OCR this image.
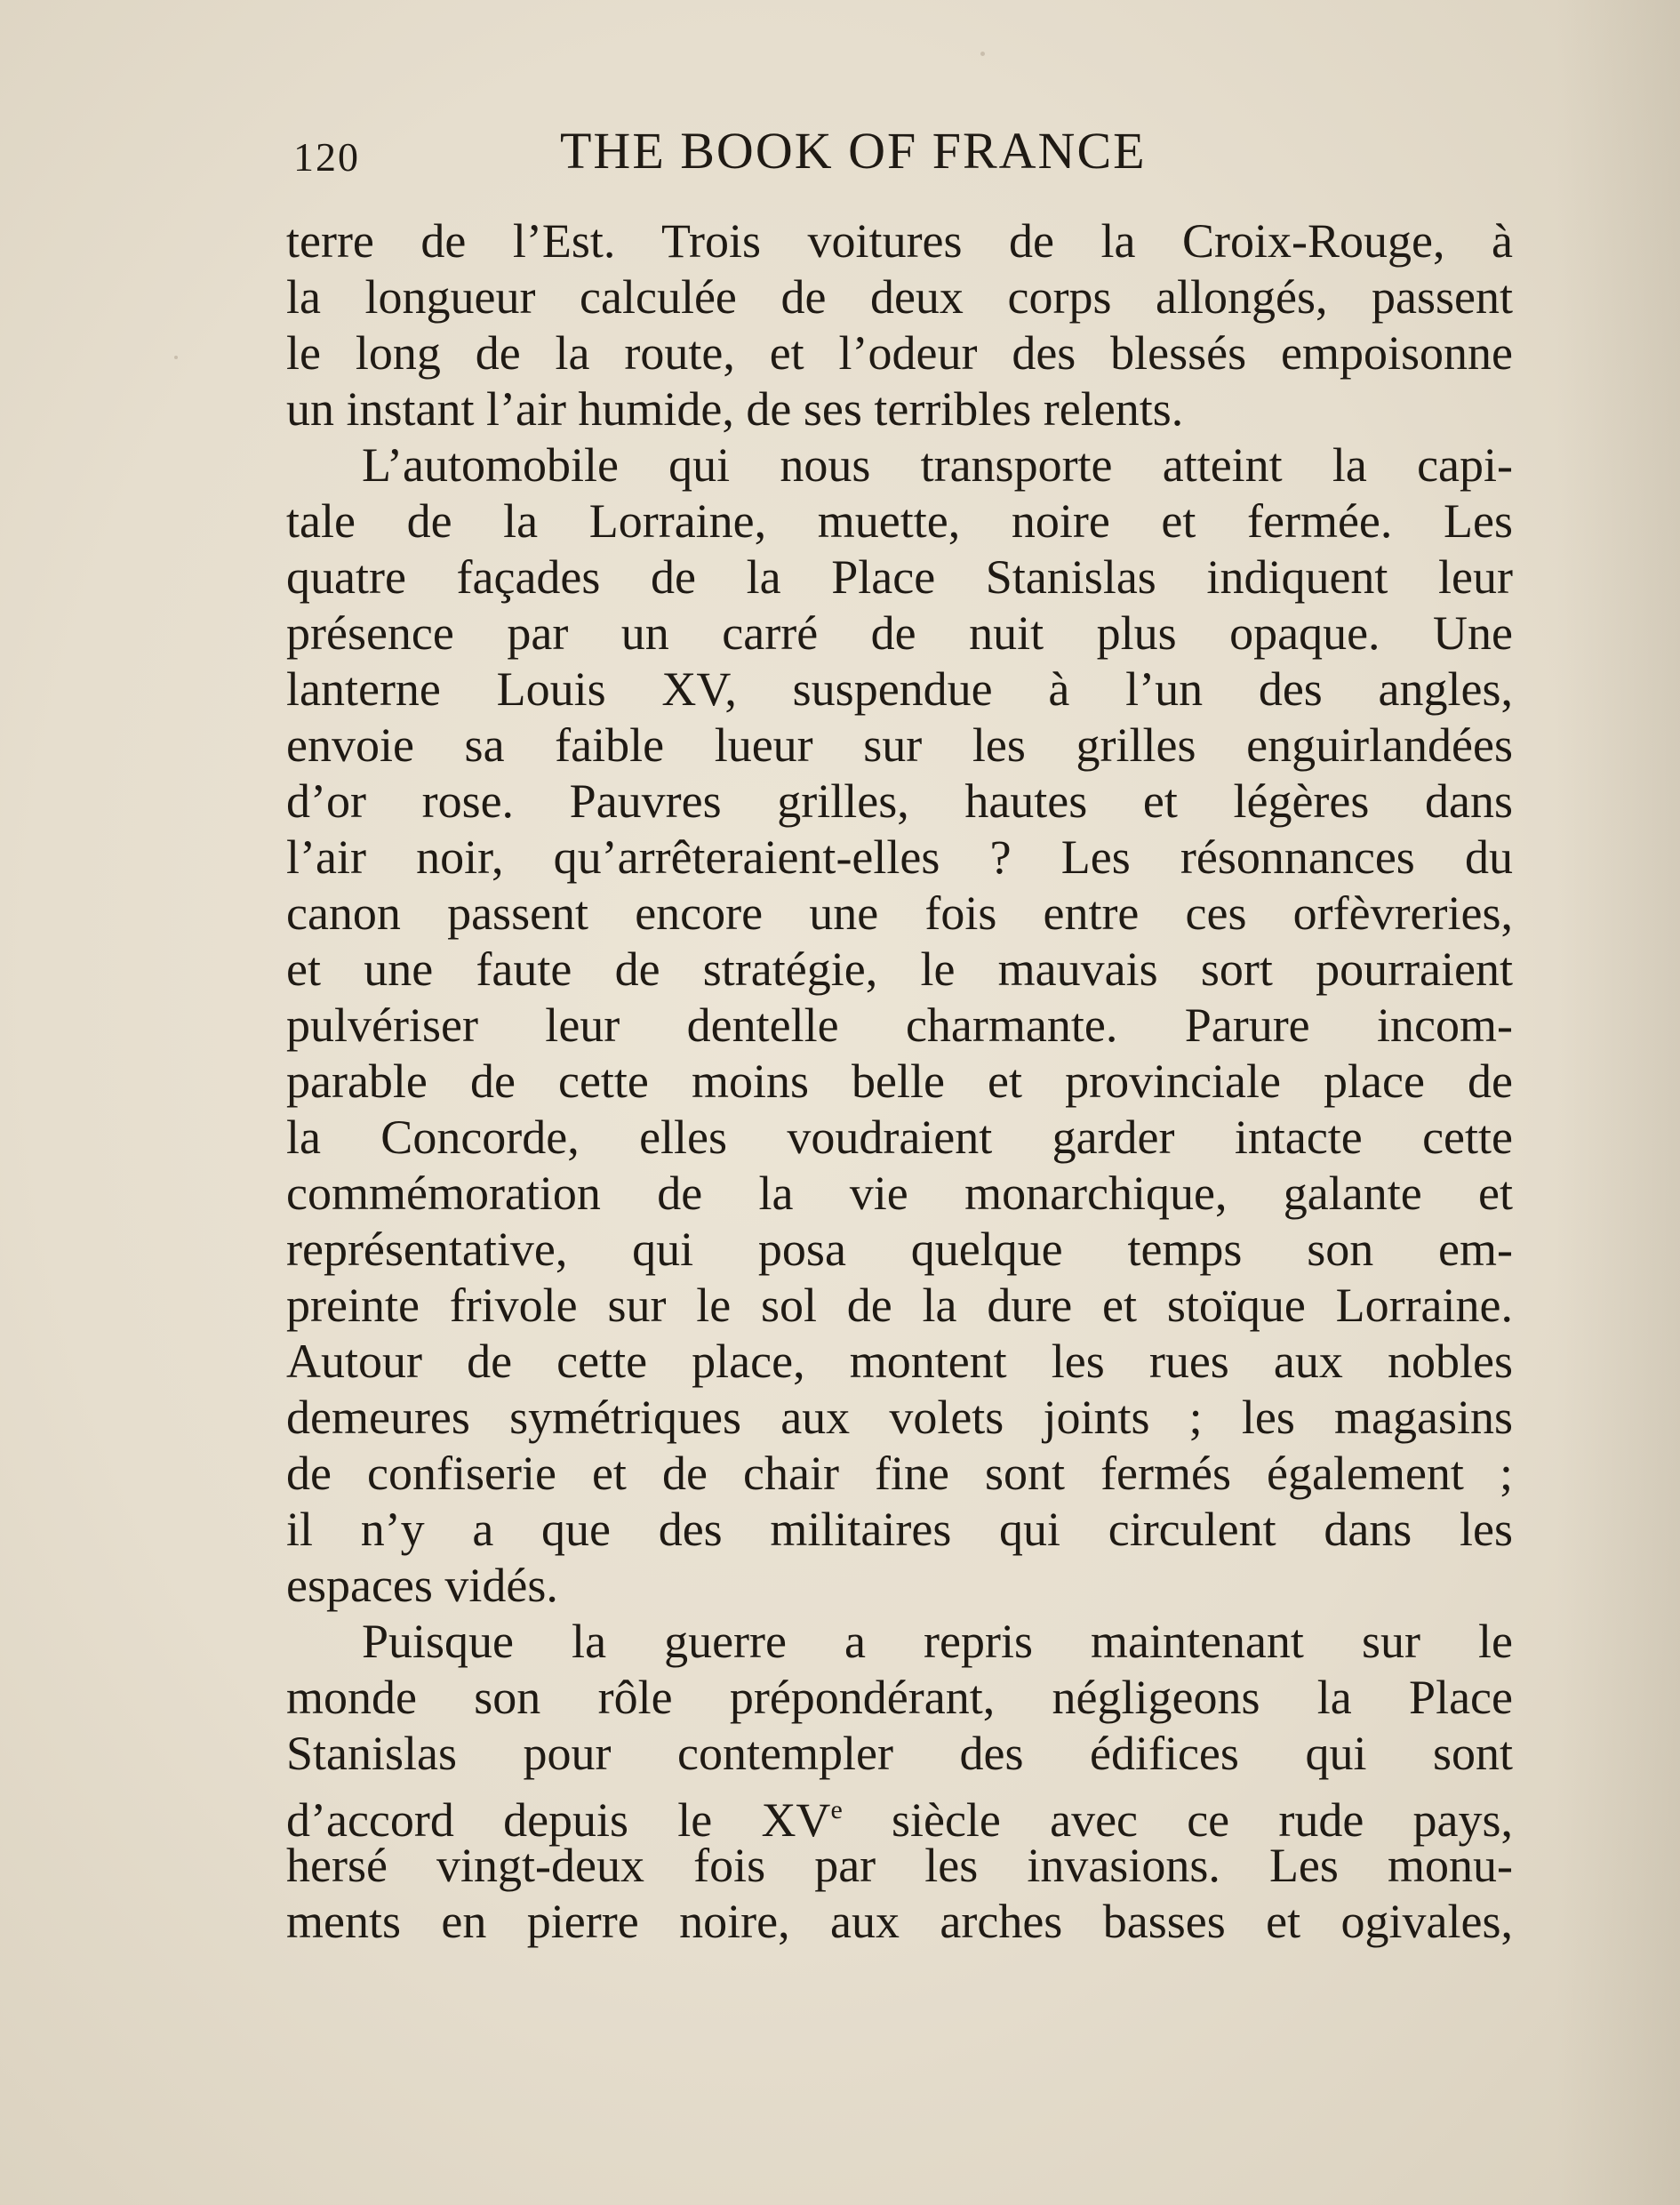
120	THE BOOK OF FRANCE
terre de l’Est. Trois voitures de la Croix-Rouge, à
la longueur calculée de deux corps allongés, passent
le long de la route, et l’odeur des blessés empoisonne
un instant l’air humide, de ses terribles relents.
L’automobile qui nous transporte atteint la capi-
tale de la Lorraine, muette, noire et fermée. Les
quatre façades de la Place Stanislas indiquent leur
présence par un carré de nuit plus opaque. Une
lanterne Louis XV, suspendue à l’un des angles,
envoie sa faible lueur sur les grilles enguirlandées
d’or rose. Pauvres grilles, hautes et légères dans
l’air noir, qu’arrêteraient-elles ? Les résonnances du
canon passent encore une fois entre ces orfèvreries,
et une faute de stratégie, le mauvais sort pourraient
pulvériser leur dentelle charmante. Parure incom-
parable de cette moins belle et provinciale place de
la Concorde, elles voudraient garder intacte cette
commémoration de la vie monarchique, galante et
représentative, qui posa quelque temps son em-
preinte frivole sur le sol de la dure et stoïque Lorraine.
Autour de cette place, montent les rues aux nobles
demeures symétriques aux volets joints ; les magasins
de confiserie et de chair fine sont fermés également ;
il n’y a que des militaires qui circulent dans les
espaces vidés.
Puisque la guerre a repris maintenant sur le
monde son rôle prépondérant, négligeons la Place
Stanislas pour contempler des édifices qui sont
d’accord depuis le XVe siècle avec ce rude pays,
hersé vingt-deux fois par les invasions. Les monu-
ments en pierre noire, aux arches basses et ogivales,
